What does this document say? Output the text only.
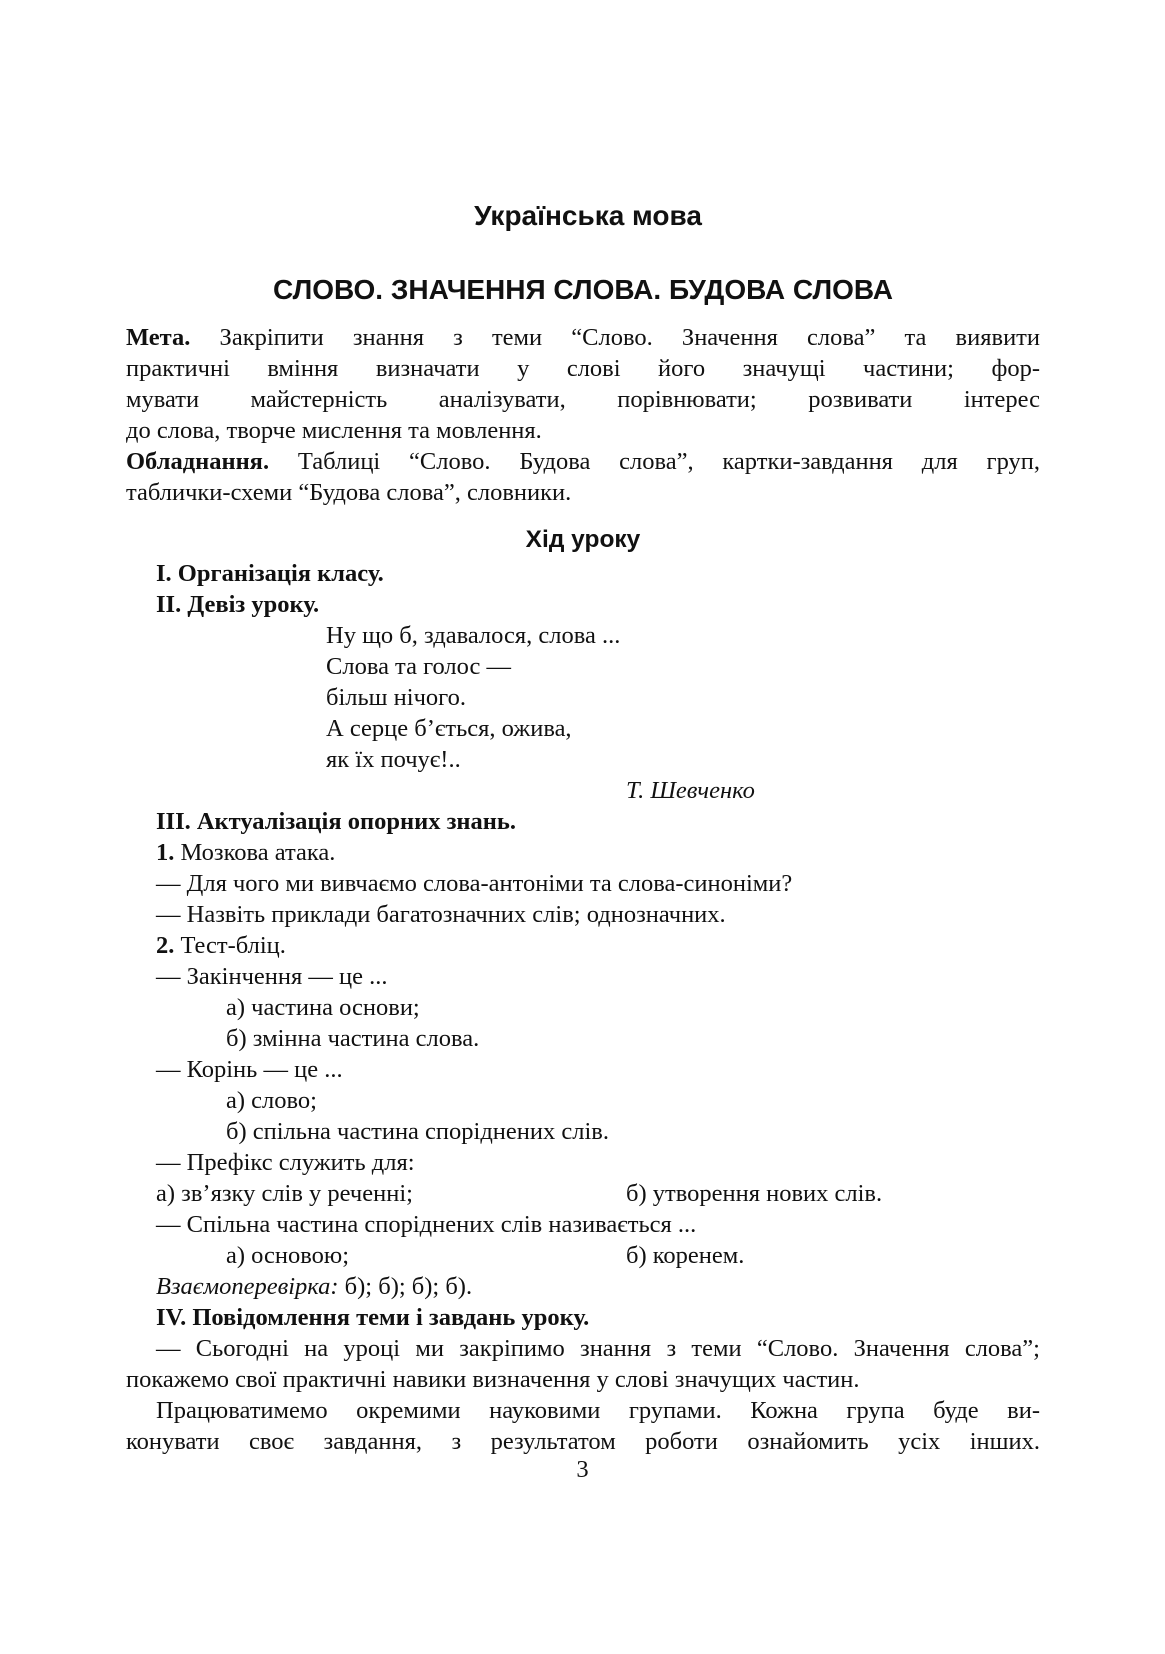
Українська мова
СЛОВО. ЗНАЧЕННЯ СЛОВА. БУДОВА СЛОВА
Мета. Закріпити знання з теми “Слово. Значення слова” та виявити
практичні вміння визначати у слові його значущі частини; фор-
мувати майстерність аналізувати, порівнювати; розвивати інтерес
до слова, творче мислення та мовлення.
Обладнання. Таблиці “Слово. Будова слова”, картки-завдання для груп,
таблички-схеми “Будова слова”, словники.
Хід уроку
I. Організація класу.
II. Девіз уроку.
Ну що б, здавалося, слова ...
Слова та голос —
більш нічого.
А серце б’ється, ожива,
як їх почує!..
Т. Шевченко
III. Актуалізація опорних знань.
1. Мозкова атака.
— Для чого ми вивчаємо слова-антоніми та слова-синоніми?
— Назвіть приклади багатозначних слів; однозначних.
2. Тест-бліц.
— Закінчення — це ...
а) частина основи;
б) змінна частина слова.
— Корінь — це ...
а) слово;
б) спільна частина споріднених слів.
— Префікс служить для:
а) зв’язку слів у реченні;	б) утворення нових слів.
— Спільна частина споріднених слів називається ...
а) основою;	б) коренем.
Взаємоперевірка: б); б); б); б).
IV. Повідомлення теми і завдань уроку.
— Сьогодні на уроці ми закріпимо знання з теми “Слово. Значення слова”;
покажемо свої практичні навики визначення у слові значущих частин.
Працюватимемо окремими науковими групами. Кожна група буде ви-
конувати своє завдання, з результатом роботи ознайомить усіх інших.
3
